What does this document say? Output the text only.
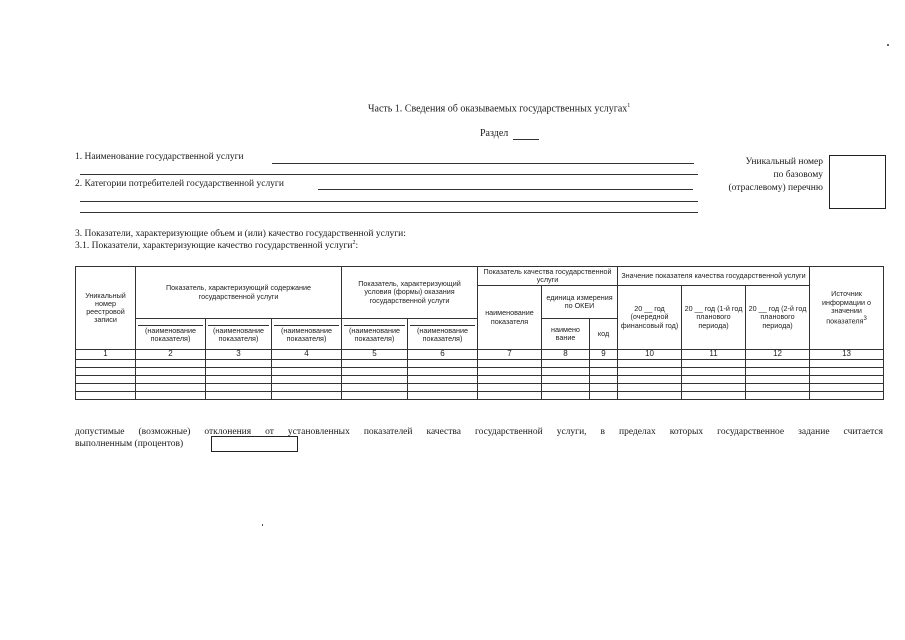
Часть 1. Сведения об оказываемых государственных услугах$^1$
Раздел
1. Наименование государственной услуги
2. Категории потребителей государственной услуги
Уникальный номер
по базовому
(отраслевому) перечню
3. Показатели, характеризующие объем и (или) качество государственной услуги:
3.1. Показатели, характеризующие качество государственной услуги$^2$:
Уникальный номер реестровой записи	Показатель, характеризующий содержание государственной услуги			Показатель, характеризующий условия (формы) оказания государственной услуги		Показатель качества государственной услуги			Значение показателя качества государственной услуги			Источник информации о значении показателя$^3$
						наименование показателя	единица измерения по ОКЕИ		20 __ год (очередной финансовый год)	20 __ год (1-й год планового периода)	20 __ год (2-й год планового периода)	
	(наименование показателя)	(наименование показателя)	(наименование показателя)	(наименование показателя)	(наименование показателя)		наимено вание	код				
1	2	3	4	5	6	7	8	9	10	11	12	13

допустимые (возможные) отклонения от установленных показателей качества государственной услуги, в пределах которых государственное задание считается
выполненным (процентов)
